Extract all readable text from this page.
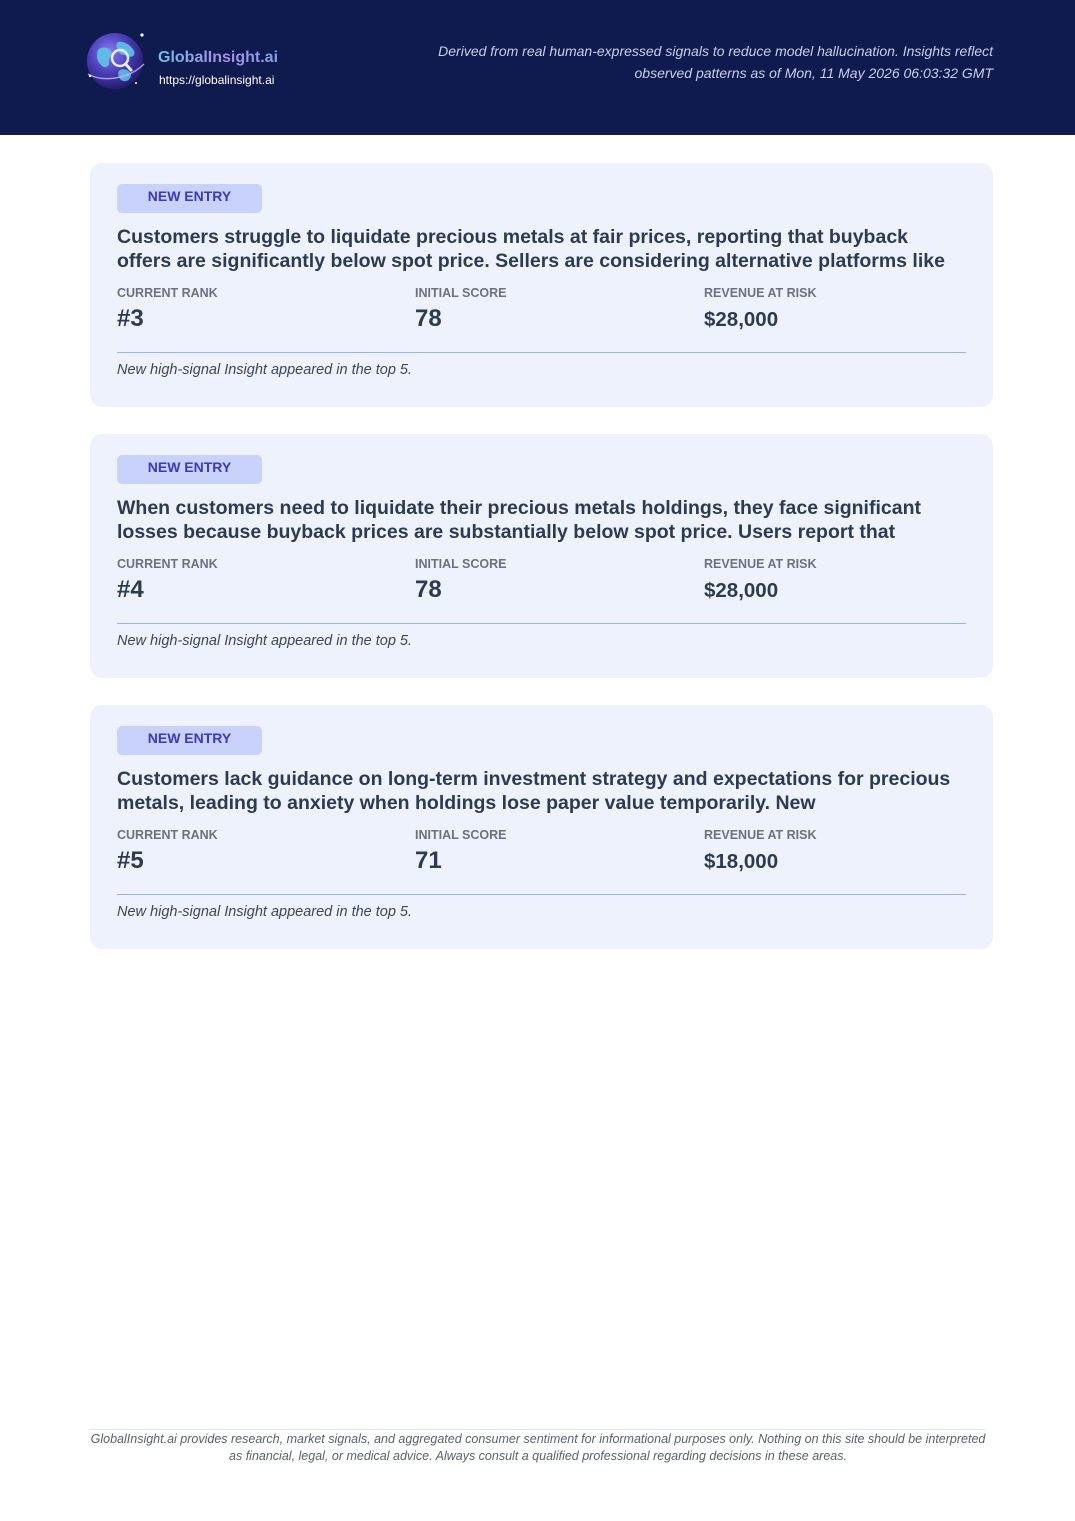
GlobalInsight.ai
https://globalinsight.ai
Derived from real human-expressed signals to reduce model hallucination. Insights reflect observed patterns as of Mon, 11 May 2026 06:03:32 GMT
NEW ENTRY
Customers struggle to liquidate precious metals at fair prices, reporting that buyback offers are significantly below spot price. Sellers are considering alternative platforms like
CURRENT RANK
#3
INITIAL SCORE
78
REVENUE AT RISK
$28,000
New high-signal Insight appeared in the top 5.
NEW ENTRY
When customers need to liquidate their precious metals holdings, they face significant losses because buyback prices are substantially below spot price. Users report that
CURRENT RANK
#4
INITIAL SCORE
78
REVENUE AT RISK
$28,000
New high-signal Insight appeared in the top 5.
NEW ENTRY
Customers lack guidance on long-term investment strategy and expectations for precious metals, leading to anxiety when holdings lose paper value temporarily. New
CURRENT RANK
#5
INITIAL SCORE
71
REVENUE AT RISK
$18,000
New high-signal Insight appeared in the top 5.
GlobalInsight.ai provides research, market signals, and aggregated consumer sentiment for informational purposes only. Nothing on this site should be interpreted as financial, legal, or medical advice. Always consult a qualified professional regarding decisions in these areas.
